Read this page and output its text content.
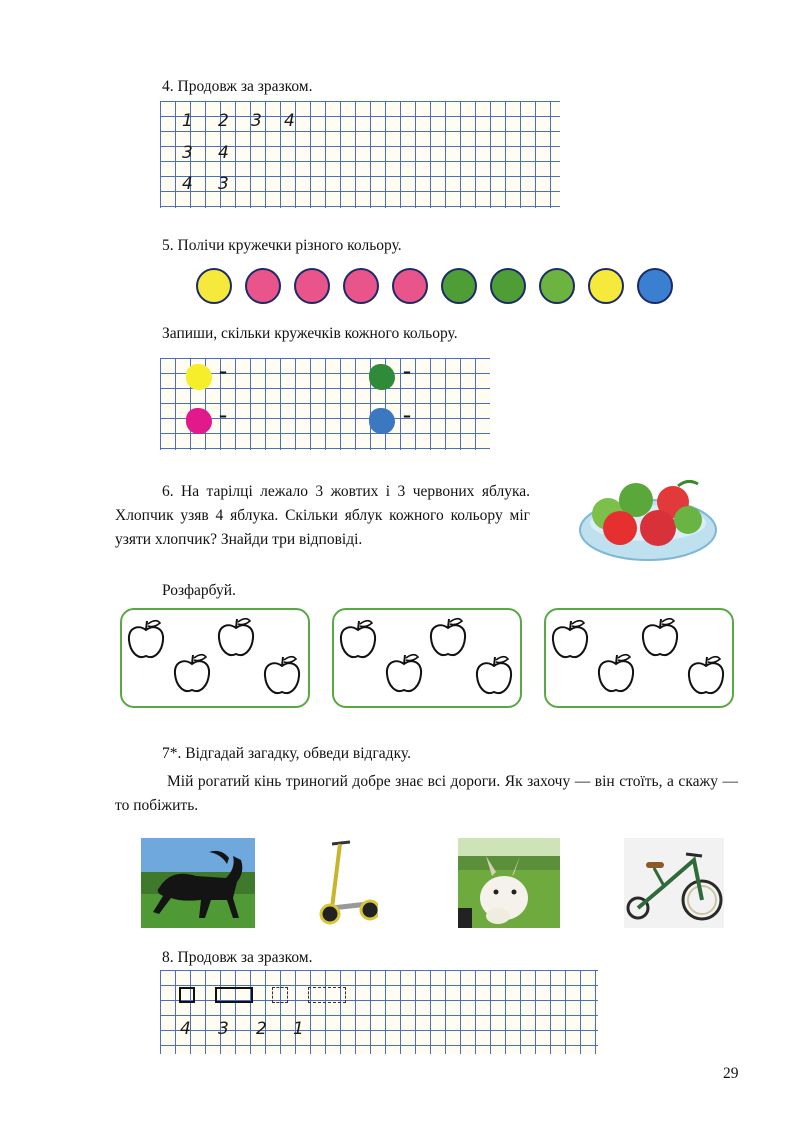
4. Продовж за зразком.
1 2 3 4
3 4
4 3
5. Полічи кружечки різного кольору.
Запиши, скільки кружечків кожного кольору.
–	–
–	–
6. На тарілці лежало 3 жовтих і 3 червоних яблука. Хлопчик узяв 4 яблука. Скільки яблук кожного кольору міг узяти хлопчик? Знайди три відповіді.
Розфарбуй.
7*. Відгадай загадку, обведи відгадку.
Мій рогатий кінь триногий добре знає всі дороги. Як захочу — він стоїть, а скажу — то побіжить.
8. Продовж за зразком.
4 3 2 1
29
